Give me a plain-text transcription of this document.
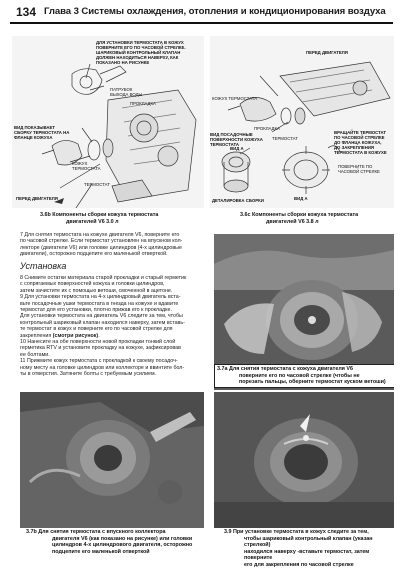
134 Глава 3 Системы охлаждения, отопления и кондиционирования воздуха
ДЛЯ УСТАНОВКИ ТЕРМОСТАТА В КОЖУХ
ПОВЕРНИТЕ ЕГО ПО ЧАСОВОЙ СТРЕЛКЕ.
ШАРИКОВЫЙ КОНТРОЛЬНЫЙ КЛАПАН
ДОЛЖЕН НАХОДИТЬСЯ НАВЕРХУ, КАК
ПОКАЗАНО НА РИСУНКЕ
ПАТРУБОК
ВЫХОДА ВОДЫ
ВИД ПОКАЗЫВАЕТ
СБОРКУ ТЕРМОСТАТА НА
ФЛАНЦЕ КОЖУХА
ПРОКЛАДКА
КОЖУХ
ТЕРМОСТАТА
ТЕРМОСТАТ
ПЕРЕД ДВИГАТЕЛЯ
3.6b Компоненты сборки кожуха термостата
двигателей V6 3.0 л
ПЕРЕД ДВИГАТЕЛЯ
КОЖУХ ТЕРМОСТАТА
ПРОКЛАДКА
ТЕРМОСТАТ
ВИД ПОСАДОЧНЫЕ
ПОВЕРХНОСТИ КОЖУХА
ТЕРМОСТАТА
ВРАЩАЙТЕ ТЕРМОСТАТ
ПО ЧАСОВОЙ СТРЕЛКЕ
ДО ФЛАНЦА КОЖУХА,
ДО ЗАКРЕПЛЕНИЯ
ТЕРМОСТАТА В КОЖУХЕ
ПОВЕРНИТЕ ПО
ЧАСОВОЙ СТРЕЛКЕ
ВИД А
ВИД А
ДЕТАЛИРОВКА СБОРКИ
3.6c Компоненты сборки кожуха термостата
двигателей V6 3.8 л
7 Для снятия термостата на кожухе двигателя V6, поверните его
по часовой стрелке. Если термостат установлен на впускном кол-
лекторе (двигатели V6) или головке цилиндров (4-х цилиндровые
двигатели), осторожно подцепите его маленькой отверткой.
Установка
8 Снимите остатки материала старой прокладки и старый герметик
с сопрягаемых поверхностей кожуха и головки цилиндров,
затем зачистите их с помощью ветоши, смоченной в ацетоне.
9 Для установки термостата на 4-х цилиндровый двигатель вста-
вьте посадочные ушки термостата в гнезда на кожухе и вдавите
термостат для его установки, плотно прижав его к прокладке.
Для установки термостата на двигатель V6 следите за тем, чтобы
контрольный шариковый клапан находился наверху, затем вставь-
те термостат в кожух и поверните его по часовой стрелке для
закрепления (смотри рисунок).
10 Нанесите на обе поверхности новой прокладки тонкий слой
герметика RTV и установите прокладку на кожухе, зафиксировав
ее болтами.
11 Прижмите кожух термостата с прокладкой к своему посадоч-
ному месту на головке цилиндров или коллекторе и ввинтите бол-
ты в отверстия. Затяните болты с требуемым усилием.
3.7a Для снятия термостата с кожуха двигателя V6
поверните его по часовой стрелке (чтобы не
порезать пальцы, оберните термостат куском ветоши)
3.7b Для снятия термостата с впускного коллектора
двигателя V6 (как показано на рисунке) или головки
цилиндров 4-х цилиндрового двигателя, осторожно
подцепите его маленькой отверткой
3.9 При установке термостата в кожух следите за тем,
чтобы шариковый контрольный клапан (указан стрелкой)
находился наверху -вставьте термостат, затем поверните
его для закрепления по часовой стрелке
